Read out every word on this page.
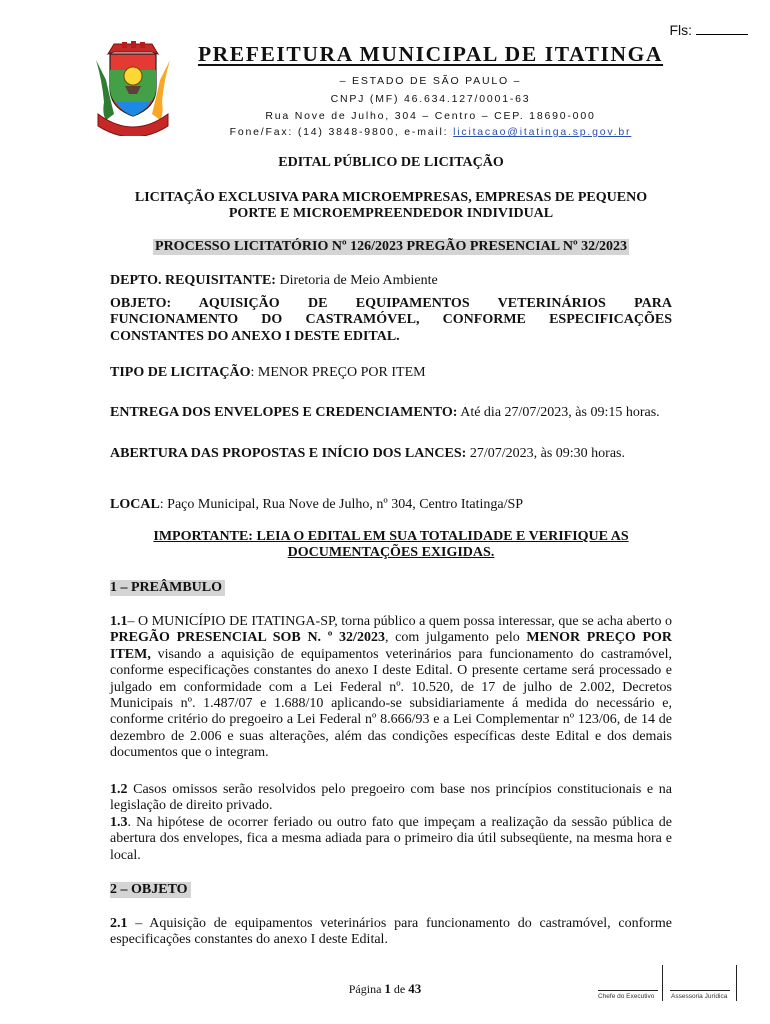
Fls:
PREFEITURA MUNICIPAL DE ITATINGA
– ESTADO DE SÃO PAULO –
CNPJ (MF) 46.634.127/0001-63
Rua Nove de Julho, 304 – Centro – CEP. 18690-000
Fone/Fax: (14) 3848-9800, e-mail: licitacao@itatinga.sp.gov.br
EDITAL PÚBLICO DE LICITAÇÃO
LICITAÇÃO EXCLUSIVA PARA MICROEMPRESAS, EMPRESAS DE PEQUENO PORTE E MICROEMPREENDEDOR INDIVIDUAL
PROCESSO LICITATÓRIO Nº 126/2023 PREGÃO PRESENCIAL Nº 32/2023
DEPTO. REQUISITANTE: Diretoria de Meio Ambiente
OBJETO: AQUISIÇÃO DE EQUIPAMENTOS VETERINÁRIOS PARA FUNCIONAMENTO DO CASTRAMÓVEL, CONFORME ESPECIFICAÇÕES CONSTANTES DO ANEXO I DESTE EDITAL.
TIPO DE LICITAÇÃO: MENOR PREÇO POR ITEM
ENTREGA DOS ENVELOPES E CREDENCIAMENTO: Até dia 27/07/2023, às 09:15 horas.
ABERTURA DAS PROPOSTAS E INÍCIO DOS LANCES: 27/07/2023, às 09:30 horas.
LOCAL: Paço Municipal, Rua Nove de Julho, nº 304, Centro Itatinga/SP
IMPORTANTE: LEIA O EDITAL EM SUA TOTALIDADE E VERIFIQUE AS DOCUMENTAÇÕES EXIGIDAS.
1 – PREÂMBULO
1.1– O MUNICÍPIO DE ITATINGA-SP, torna público a quem possa interessar, que se acha aberto o PREGÃO PRESENCIAL SOB N. º 32/2023, com julgamento pelo MENOR PREÇO POR ITEM, visando a aquisição de equipamentos veterinários para funcionamento do castramóvel, conforme especificações constantes do anexo I deste Edital. O presente certame será processado e julgado em conformidade com a Lei Federal nº. 10.520, de 17 de julho de 2.002, Decretos Municipais nº. 1.487/07 e 1.688/10 aplicando-se subsidiariamente á medida do necessário e, conforme critério do pregoeiro a Lei Federal nº 8.666/93 e a Lei Complementar nº 123/06, de 14 de dezembro de 2.006 e suas alterações, além das condições específicas deste Edital e dos demais documentos que o integram.
1.2 Casos omissos serão resolvidos pelo pregoeiro com base nos princípios constitucionais e na legislação de direito privado.
1.3. Na hipótese de ocorrer feriado ou outro fato que impeçam a realização da sessão pública de abertura dos envelopes, fica a mesma adiada para o primeiro dia útil subseqüente, na mesma hora e local.
2 – OBJETO
2.1 – Aquisição de equipamentos veterinários para funcionamento do castramóvel, conforme especificações constantes do anexo I deste Edital.
Página 1 de 43
Chefe do Executivo	Assessoria Jurídica
